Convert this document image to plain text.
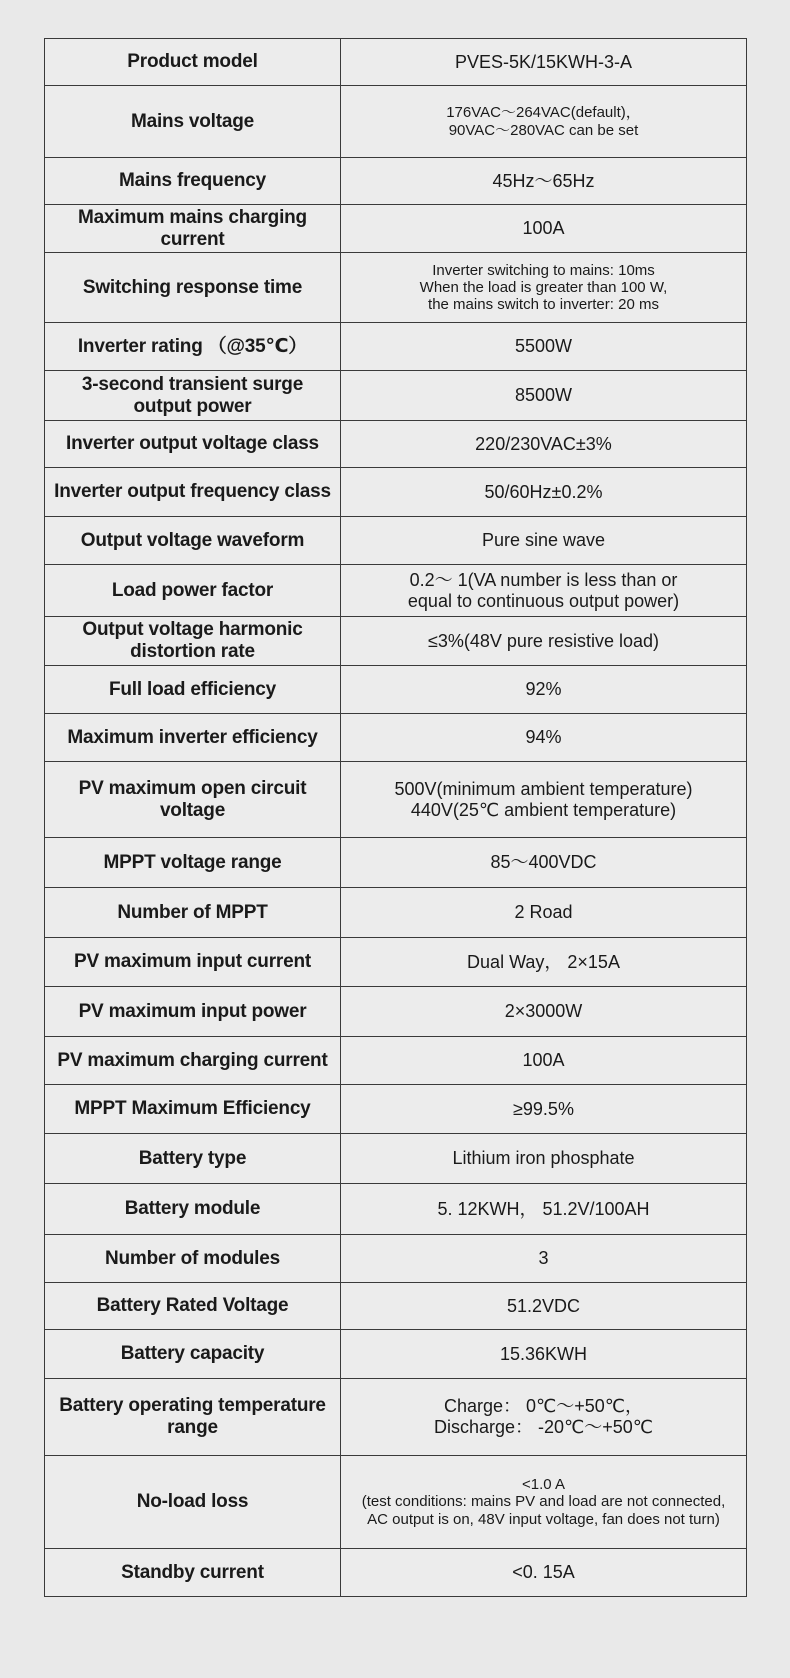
Product model	PVES-5K/15KWH-3-A

Mains voltage	176VAC～264VAC(default)，
90VAC～280VAC can be set

Mains frequency	45Hz～65Hz

Maximum mains charging current	100A

Switching response time	Inverter switching to mains: 10ms
When the load is greater than 100 W,
the mains switch to inverter: 20 ms

Inverter rating （@35℃）	5500W

3-second transient surge output power	8500W

Inverter output voltage class	220/230VAC±3%

Inverter output frequency class	50/60Hz±0.2%

Output voltage waveform	Pure sine wave

Load power factor	0.2～ 1(VA number is less than or
equal to continuous output power)

Output voltage harmonic distortion rate	≤3%(48V pure resistive load)

Full load efficiency	92%

Maximum inverter efficiency	94%

PV maximum open circuit voltage	500V(minimum ambient temperature)
440V(25℃ ambient temperature)

MPPT voltage range	85～400VDC

Number of MPPT	2 Road

PV maximum input current	Dual Way， 2×15A

PV maximum input power	2×3000W

PV maximum charging current	100A

MPPT Maximum Efficiency	≥99.5%

Battery type	Lithium iron phosphate

Battery module	5. 12KWH， 51.2V/100AH

Number of modules	3

Battery Rated Voltage	51.2VDC

Battery capacity	15.36KWH

Battery operating temperature range	Charge： 0℃～+50℃，
Discharge： -20℃～+50℃

No-load loss	<1.0 A
(test conditions: mains PV and load are not connected,
AC output is on, 48V input voltage, fan does not turn)

Standby current	<0. 15A
